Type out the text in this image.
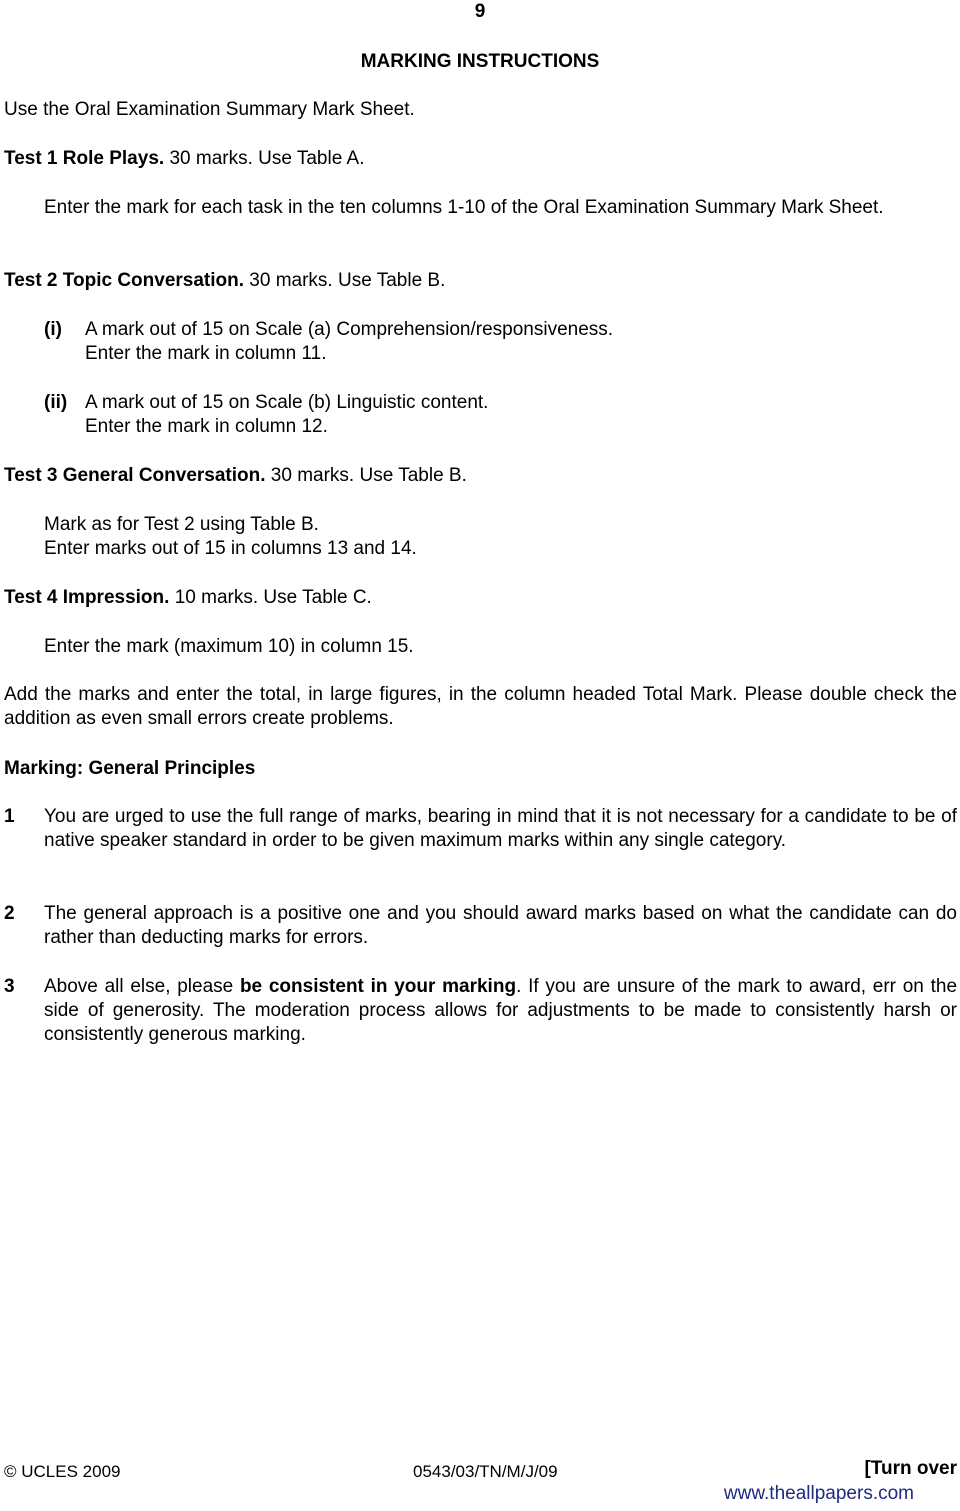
9
MARKING INSTRUCTIONS
Use the Oral Examination Summary Mark Sheet.
Test 1 Role Plays. 30 marks. Use Table A.
Enter the mark for each task in the ten columns 1-10 of the Oral Examination Summary Mark Sheet.
Test 2 Topic Conversation. 30 marks. Use Table B.
(i) A mark out of 15 on Scale (a) Comprehension/responsiveness.
Enter the mark in column 11.
(ii) A mark out of 15 on Scale (b) Linguistic content.
Enter the mark in column 12.
Test 3 General Conversation. 30 marks. Use Table B.
Mark as for Test 2 using Table B.
Enter marks out of 15 in columns 13 and 14.
Test 4 Impression. 10 marks. Use Table C.
Enter the mark (maximum 10) in column 15.
Add the marks and enter the total, in large figures, in the column headed Total Mark. Please double check the addition as even small errors create problems.
Marking: General Principles
1 You are urged to use the full range of marks, bearing in mind that it is not necessary for a candidate to be of native speaker standard in order to be given maximum marks within any single category.
2 The general approach is a positive one and you should award marks based on what the candidate can do rather than deducting marks for errors.
3 Above all else, please be consistent in your marking. If you are unsure of the mark to award, err on the side of generosity. The moderation process allows for adjustments to be made to consistently harsh or consistently generous marking.
© UCLES 2009	0543/03/TN/M/J/09	[Turn over
www.theallpapers.com
